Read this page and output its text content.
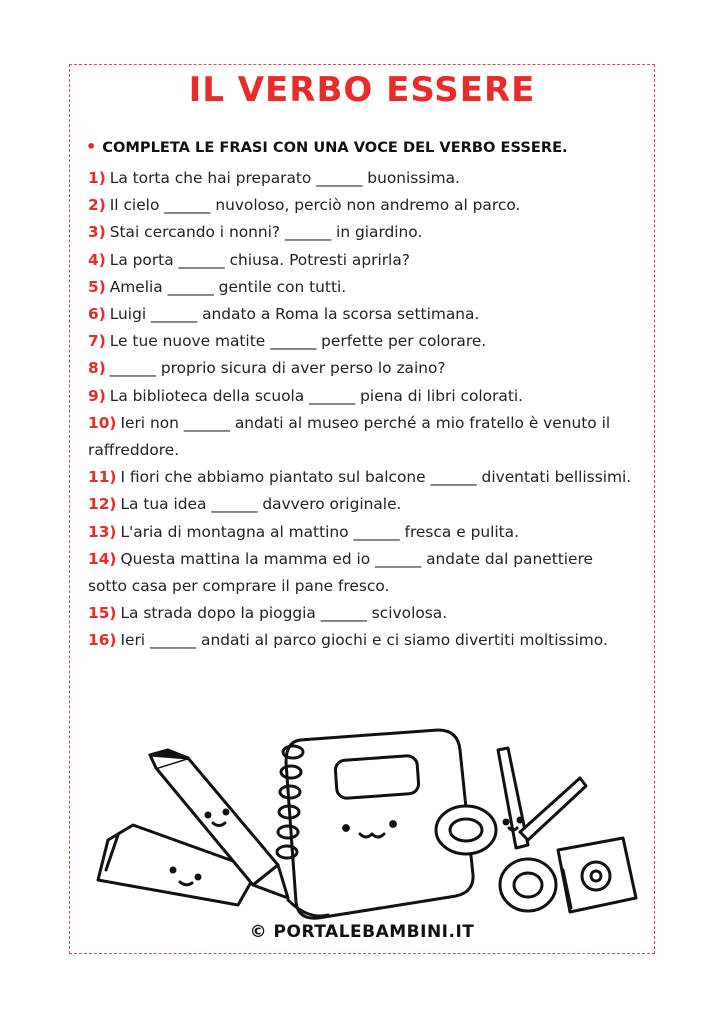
IL VERBO ESSERE
• COMPLETA LE FRASI CON UNA VOCE DEL VERBO ESSERE.
1) La torta che hai preparato ______ buonissima.
2) Il cielo ______ nuvoloso, perciò non andremo al parco.
3) Stai cercando i nonni? ______ in giardino.
4) La porta ______ chiusa. Potresti aprirla?
5) Amelia ______ gentile con tutti.
6) Luigi ______ andato a Roma la scorsa settimana.
7) Le tue nuove matite ______ perfette per colorare.
8) ______ proprio sicura di aver perso lo zaino?
9) La biblioteca della scuola ______ piena di libri colorati.
10) Ieri non ______ andati al museo perché a mio fratello è venuto il raffreddore.
11) I fiori che abbiamo piantato sul balcone ______ diventati bellissimi.
12) La tua idea ______ davvero originale.
13) L'aria di montagna al mattino ______ fresca e pulita.
14) Questa mattina la mamma ed io ______ andate dal panettiere sotto casa per comprare il pane fresco.
15) La strada dopo la pioggia ______ scivolosa.
16) Ieri ______ andati al parco giochi e ci siamo divertiti moltissimo.
© PORTALEBAMBINI.IT
